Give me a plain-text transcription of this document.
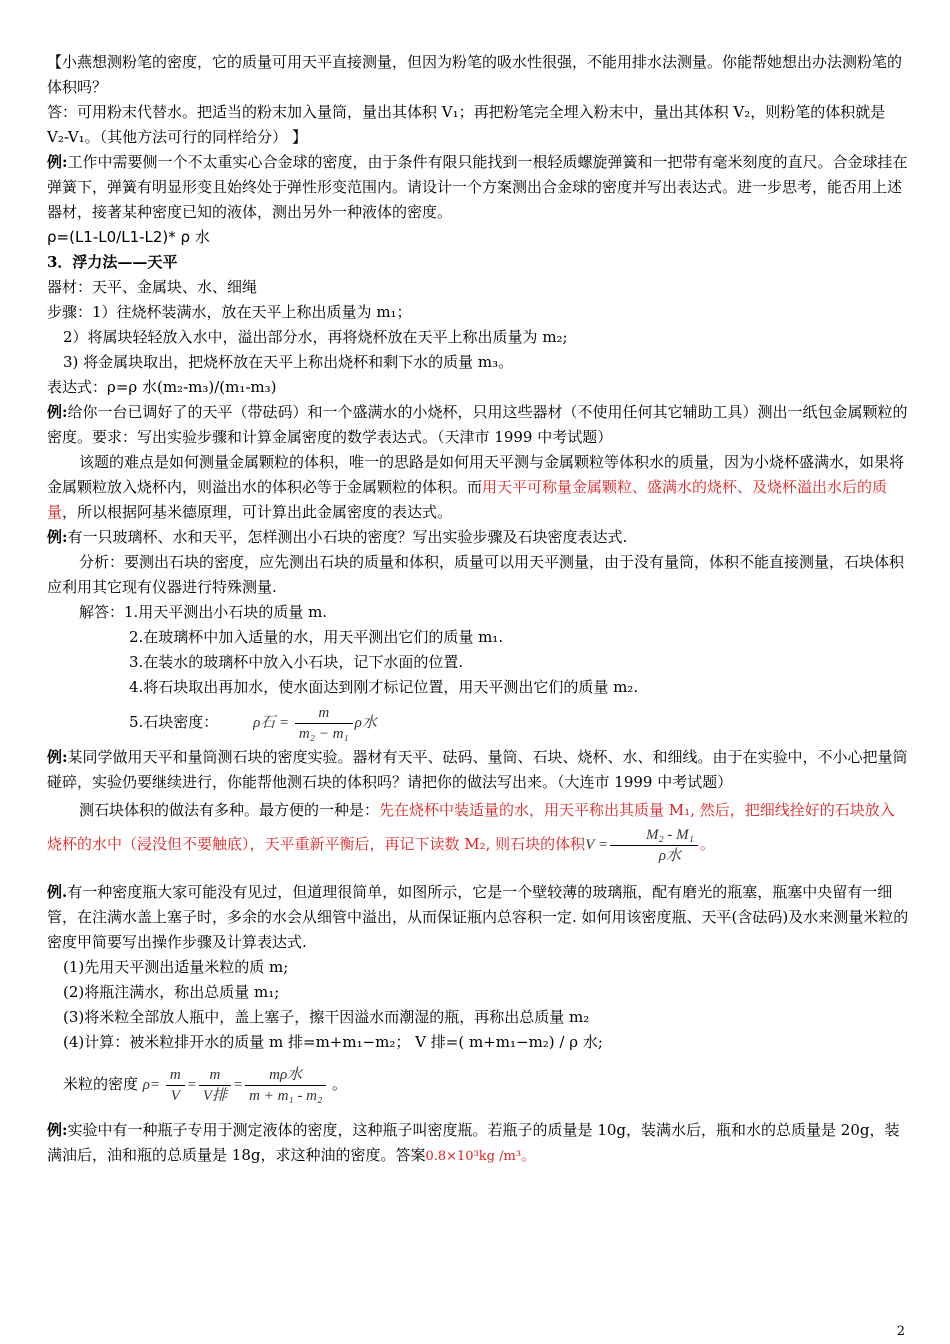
【小燕想测粉笔的密度，它的质量可用天平直接测量，但因为粉笔的吸水性很强，不能用排水法测量。你能帮她想出办法测粉笔的体积吗？

答：可用粉末代替水。把适当的粉末加入量筒，量出其体积 V₁；再把粉笔完全埋入粉末中，量出其体积 V₂，则粉笔的体积就是 V₂-V₁。（其他方法可行的同样给分） 】

例:工作中需要侧一个不太重实心合金球的密度，由于条件有限只能找到一根轻质螺旋弹簧和一把带有毫米刻度的直尺。合金球挂在弹簧下，弹簧有明显形变且始终处于弹性形变范围内。请设计一个方案测出合金球的密度并写出表达式。进一步思考，能否用上述器材，接著某种密度已知的液体，测出另外一种液体的密度。

ρ=(L1-L0/L1-L2)* ρ 水

3．浮力法——天平

器材：天平、金属块、水、细绳

步骤：1）往烧杯装满水，放在天平上称出质量为 m₁；

2）将属块轻轻放入水中，溢出部分水，再将烧杯放在天平上称出质量为 m₂;

3) 将金属块取出，把烧杯放在天平上称出烧杯和剩下水的质量 m₃。

表达式：ρ=ρ 水(m₂-m₃)/(m₁-m₃)

例:给你一台已调好了的天平（带砝码）和一个盛满水的小烧杯，只用这些器材（不使用任何其它辅助工具）测出一纸包金属颗粒的密度。要求：写出实验步骤和计算金属密度的数学表达式。（天津市 1999 中考试题）

该题的难点是如何测量金属颗粒的体积，唯一的思路是如何用天平测与金属颗粒等体积水的质量，因为小烧杯盛满水，如果将金属颗粒放入烧杯内，则溢出水的体积必等于金属颗粒的体积。而用天平可称量金属颗粒、盛满水的烧杯、及烧杯溢出水后的质量，所以根据阿基米德原理，可计算出此金属密度的表达式。

例:有一只玻璃杯、水和天平，怎样测出小石块的密度？写出实验步骤及石块密度表达式.

分析：要测出石块的密度，应先测出石块的质量和体积，质量可以用天平测量，由于没有量筒，体积不能直接测量，石块体积应利用其它现有仪器进行特殊测量.

解答：1.用天平测出小石块的质量 m.

2.在玻璃杯中加入适量的水，用天平测出它们的质量 m₁.

3.在装水的玻璃杯中放入小石块，记下水面的位置.

4.将石块取出再加水，使水面达到刚才标记位置，用天平测出它们的质量 m₂.

5.石块密度： ρ石 = $\frac{m}{\text{m₂ − m₁}}$ ρ水

例:某同学做用天平和量筒测石块的密度实验。器材有天平、砝码、量筒、石块、烧杯、水、和细线。由于在实验中，不小心把量筒碰碎，实验仍要继续进行，你能帮他测石块的体积吗？请把你的做法写出来。（大连市 1999 中考试题）

测石块体积的做法有多种。最方便的一种是：先在烧杯中装适量的水，用天平称出其质量 M₁, 然后，把细线拴好的石块放入烧杯的水中（浸没但不要触底），天平重新平衡后，再记下读数 M₂, 则石块的体积$V = \frac{\text{M₂ - M₁}}{\text{ρ水}}$ 。

例.有一种密度瓶大家可能没有见过，但道理很简单，如图所示，它是一个壁较薄的玻璃瓶，配有磨光的瓶塞，瓶塞中央留有一细管，在注满水盖上塞子时，多余的水会从细管中溢出，从而保证瓶内总容积一定. 如何用该密度瓶、天平(含砝码)及水来测量米粒的密度甲简要写出操作步骤及计算表达式.

(1)先用天平测出适量米粒的质 m;

(2)将瓶注满水，称出总质量 m₁;

(3)将米粒全部放人瓶中，盖上塞子，擦干因溢水而潮湿的瓶，再称出总质量 m₂

(4)计算：被米粒排开水的质量 m 排=m+m₁−m₂； V 排=( m+m₁−m₂) / ρ 水;

米粒的密度 $\rho= \frac{m}{V} = \frac{m}{\text{V排}} = \frac{\text{mρ水}}{\text{m + m₁ - m₂}}$ 。

例:实验中有一种瓶子专用于测定液体的密度，这种瓶子叫密度瓶。若瓶子的质量是 10g，装满水后，瓶和水的总质量是 20g，装满油后，油和瓶的总质量是 18g，求这种油的密度。答案0.8×10³kg /m³。

2
